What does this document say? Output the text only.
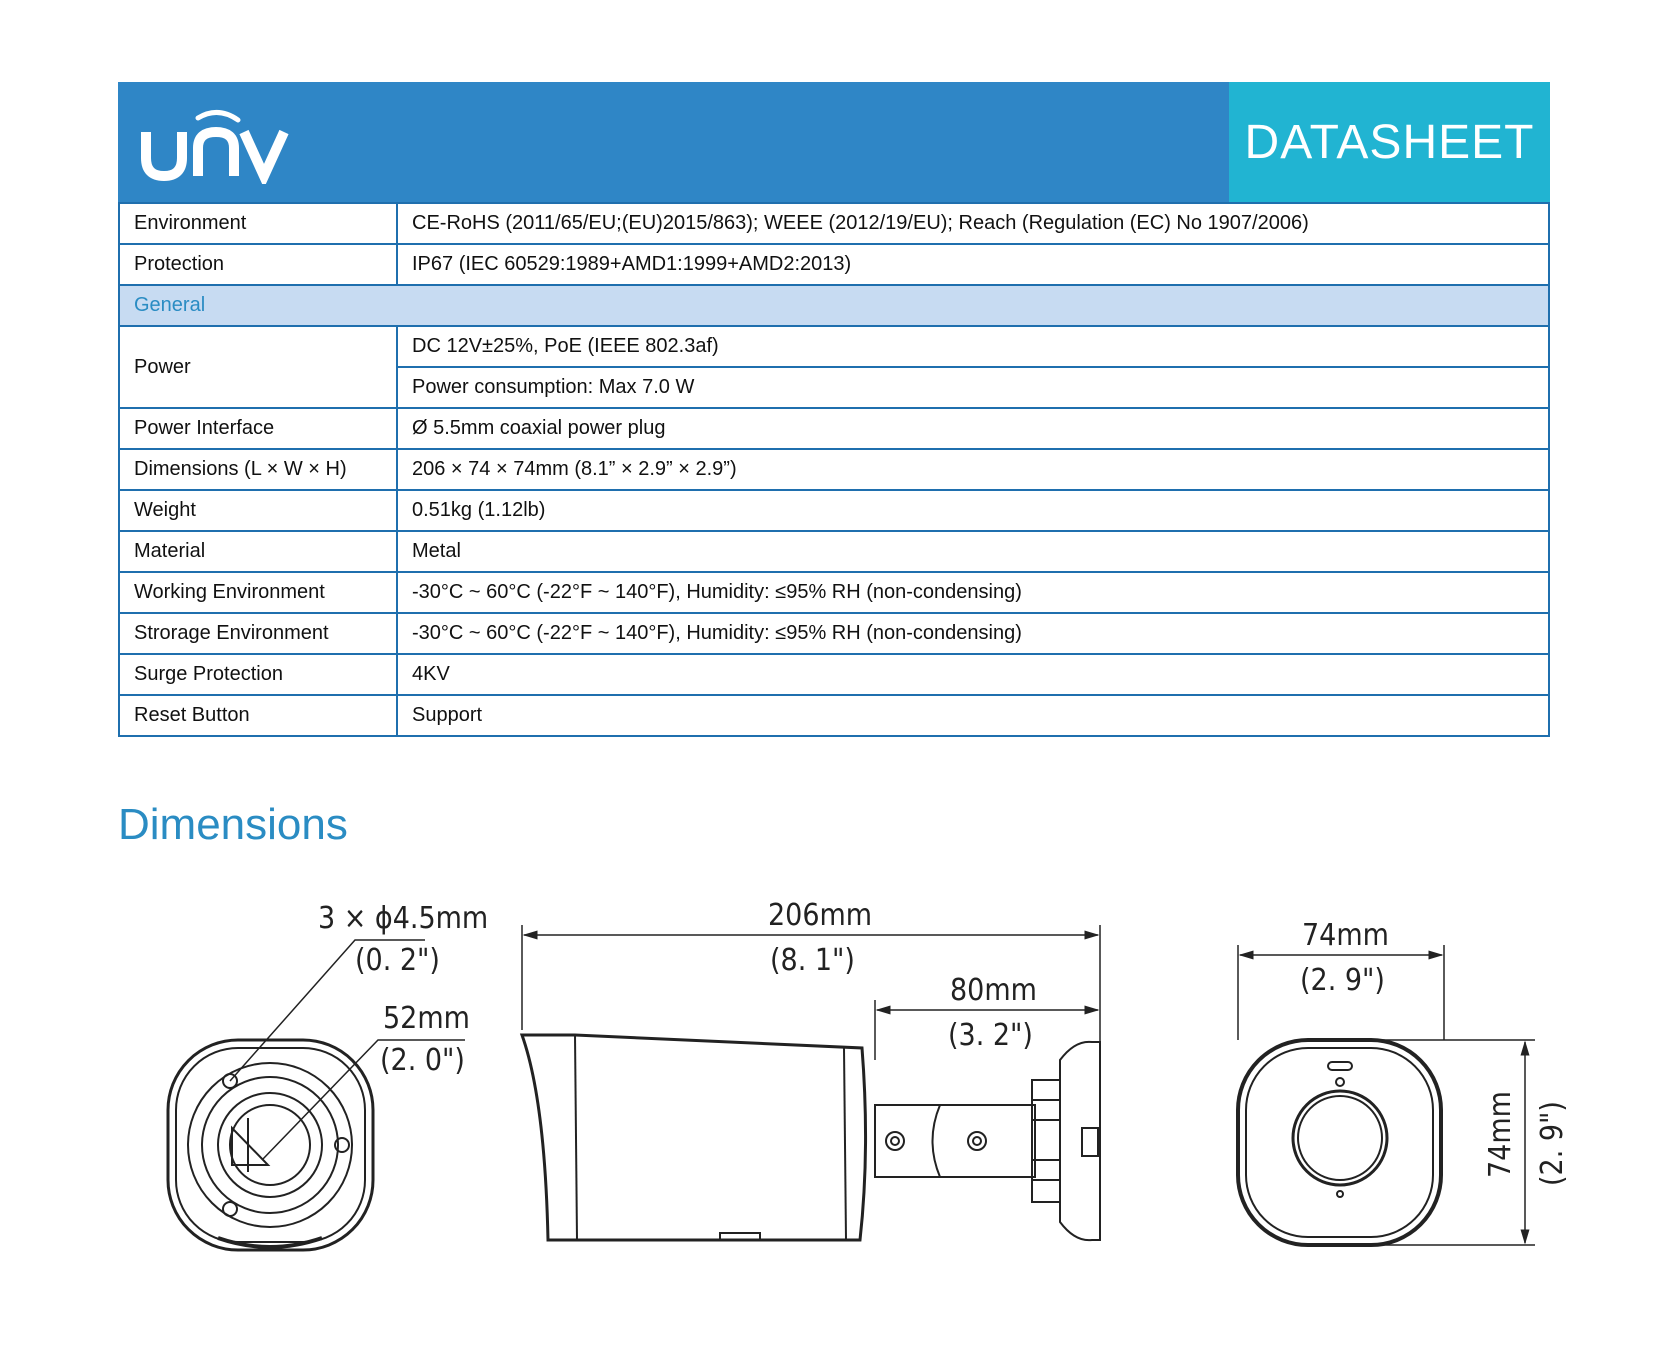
DATASHEET
Environment	CE-RoHS (2011/65/EU;(EU)2015/863); WEEE (2012/19/EU); Reach (Regulation (EC) No 1907/2006)
Protection	IP67 (IEC 60529:1989+AMD1:1999+AMD2:2013)
General	
Power	DC 12V±25%, PoE (IEEE 802.3af)
	Power consumption: Max 7.0 W
Power Interface	Ø 5.5mm coaxial power plug
Dimensions (L × W × H)	206 × 74 × 74mm (8.1” × 2.9” × 2.9”)
Weight	0.51kg (1.12lb)
Material	Metal
Working Environment	-30°C ~ 60°C (-22°F ~ 140°F), Humidity: ≤95% RH (non-condensing)
Strorage Environment	-30°C ~ 60°C (-22°F ~ 140°F), Humidity: ≤95% RH (non-condensing)
Surge Protection	4KV
Reset Button	Support
Dimensions
3 × ϕ4.5mm
(0. 2")
52mm
(2. 0")
206mm
(8. 1")
80mm
(3. 2")
74mm
(2. 9")
74mm (2. 9")
